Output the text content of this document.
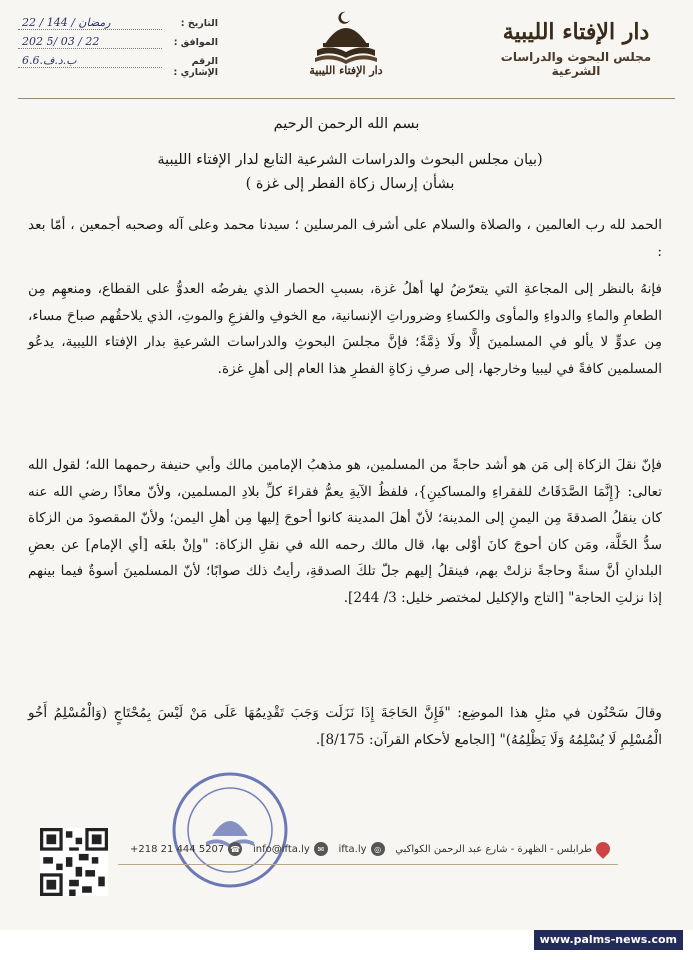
دار الإفتاء الليبية
مجلس البحوث والدراسات الشرعية
دار الإفتاء الليبية
التاريخ :
22 / رمضان / 144
الموافق :
202 5/ 03 / 22
الرقم الإشاري :
ب.د.ف.6.6
بسم الله الرحمن الرحيم
(بيان مجلس البحوث والدراسات الشرعية التابع لدار الإفتاء الليبية
بشأن إرسال زكاة الفطر إلى غزة )
الحمد لله رب العالمين ، والصلاة والسلام على أشرف المرسلين ؛ سيدنا محمد وعلى آله وصحبه أجمعين ، أمّا بعد :
فإنهُ بالنظر إلى المجاعةِ التي يتعرّضُ لها أهلُ غزة، بسببِ الحصار الذي يفرضُه العدوُّ على القطاع، ومنعهِم مِن الطعامِ والماءِ والدواءِ والمأوى والكساءِ وضروراتِ الإنسانية، مع الخوفِ والفزعِ والموتِ، الذي يلاحقُهم صباحَ مساء، مِن عدوٍّ لا يألو في المسلمينَ إلًّا ولَا ذِمَّةً؛ فإنَّ مجلسَ البحوثِ والدراسات الشرعيةِ بدار الإفتاء الليبية، يدعُو المسلمين كافةً في ليبيا وخارجها، إلى صرفِ زكاةِ الفطرِ هذا العام إلى أهلِ غزة.
فإنّ نقلَ الزكاة إلى مَن هو أشد حاجةً من المسلمين، هو مذهبُ الإمامين مالك وأبي حنيفة رحمهما الله؛ لقول الله تعالى: {إِنَّمَا الصَّدَقَاتُ للفقراءِ والمساكينِ}، فلفظُ الآيةِ يعمُّ فقراءَ كلِّ بلادِ المسلمين، ولأنّ معاذًا رضي الله عنه كان ينقلُ الصدقةَ مِن اليمنِ إلى المدينة؛ لأنّ أهلَ المدينة كانوا أحوجَ إليها مِن أهلِ اليمن؛ ولأنّ المقصودَ من الزكاة سدُّ الخَلَّة، ومَن كان أحوجَ كانَ أوْلى بها، قال مالك رحمه الله في نقلِ الزكاة: "وإنْ بلغَه [أي الإمام] عن بعضِ البلدانِ أنَّ سنةً وحاجةً نزلتْ بهم، فينقلُ إليهم جلّ تلكَ الصدقةِ، رأيتُ ذلك صوابًا؛ لأنّ المسلمينَ أسوةٌ فيما بينهم إذا نزلتِ الحاجة" [التاج والإكليل لمختصر خليل: 3/ 244].
وقالَ سَحْنُون في مثلِ هذا الموضِع: "فَإِنَّ الحَاجَةَ إِذَا نَزَلَت وَجَبَ تَقْدِيمُهَا عَلَى مَنْ لَيْسَ بِمُحْتَاجٍ (وَالْمُسْلِمُ أَخُو الْمُسْلِمِ لَا يُسْلِمُهُ وَلَا يَظْلِمُهُ)" [الجامع لأحكام القرآن: 8/175].
طرابلس - الظهرة - شارع عبد الرحمن الكواكبي
◎
ifta.ly
✉
info@ifta.ly
☎
+218 21 444 5207
www.palms-news.com
